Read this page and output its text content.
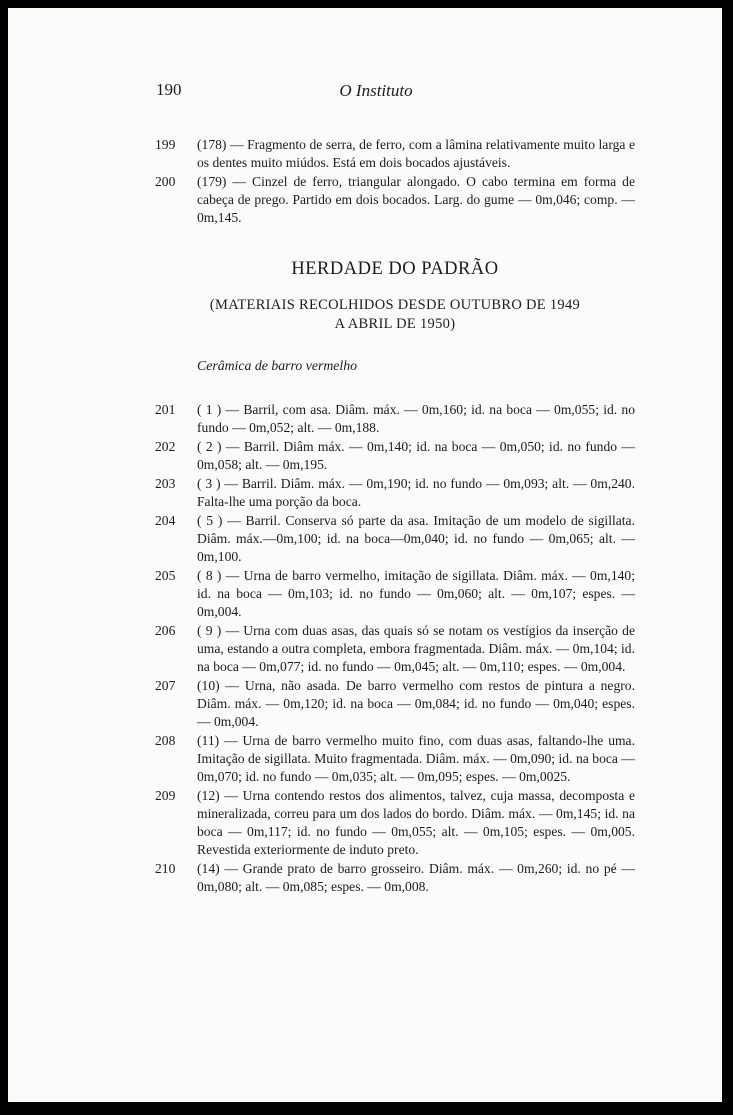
190	O Instituto
199 (178) — Fragmento de serra, de ferro, com a lâmina relativamente muito larga e os dentes muito miúdos. Está em dois bocados ajustáveis.
200 (179) — Cinzel de ferro, triangular alongado. O cabo termina em forma de cabeça de prego. Partido em dois bocados. Larg. do gume — 0m,046; comp. — 0m,145.
HERDADE DO PADRÃO
(MATERIAIS RECOLHIDOS DESDE OUTUBRO DE 1949
A ABRIL DE 1950)
Cerâmica de barro vermelho
201 ( 1 ) — Barril, com asa. Diâm. máx. — 0m,160; id. na boca — 0m,055; id. no fundo — 0m,052; alt. — 0m,188.
202 ( 2 ) — Barril. Diâm máx. — 0m,140; id. na boca — 0m,050; id. no fundo — 0m,058; alt. — 0m,195.
203 ( 3 ) — Barril. Diâm. máx. — 0m,190; id. no fundo — 0m,093; alt. — 0m,240. Falta-lhe uma porção da boca.
204 ( 5 ) — Barril. Conserva só parte da asa. Imitação de um modelo de sigillata. Diâm. máx.—0m,100; id. na boca—0m,040; id. no fundo — 0m,065; alt. — 0m,100.
205 ( 8 ) — Urna de barro vermelho, imitação de sigillata. Diâm. máx. — 0m,140; id. na boca — 0m,103; id. no fundo — 0m,060; alt. — 0m,107; espes. — 0m,004.
206 ( 9 ) — Urna com duas asas, das quais só se notam os vestígios da inserção de uma, estando a outra completa, embora fragmentada. Diâm. máx. — 0m,104; id. na boca — 0m,077; id. no fundo — 0m,045; alt. — 0m,110; espes. — 0m,004.
207 (10) — Urna, não asada. De barro vermelho com restos de pintura a negro. Diâm. máx. — 0m,120; id. na boca — 0m,084; id. no fundo — 0m,040; espes. — 0m,004.
208 (11) — Urna de barro vermelho muito fino, com duas asas, faltando-lhe uma. Imitação de sigillata. Muito fragmentada. Diâm. máx. — 0m,090; id. na boca — 0m,070; id. no fundo — 0m,035; alt. — 0m,095; espes. — 0m,0025.
209 (12) — Urna contendo restos dos alimentos, talvez, cuja massa, decomposta e mineralizada, correu para um dos lados do bordo. Diâm. máx. — 0m,145; id. na boca — 0m,117; id. no fundo — 0m,055; alt. — 0m,105; espes. — 0m,005. Revestida exteriormente de induto preto.
210 (14) — Grande prato de barro grosseiro. Diâm. máx. — 0m,260; id. no pé — 0m,080; alt. — 0m,085; espes. — 0m,008.
